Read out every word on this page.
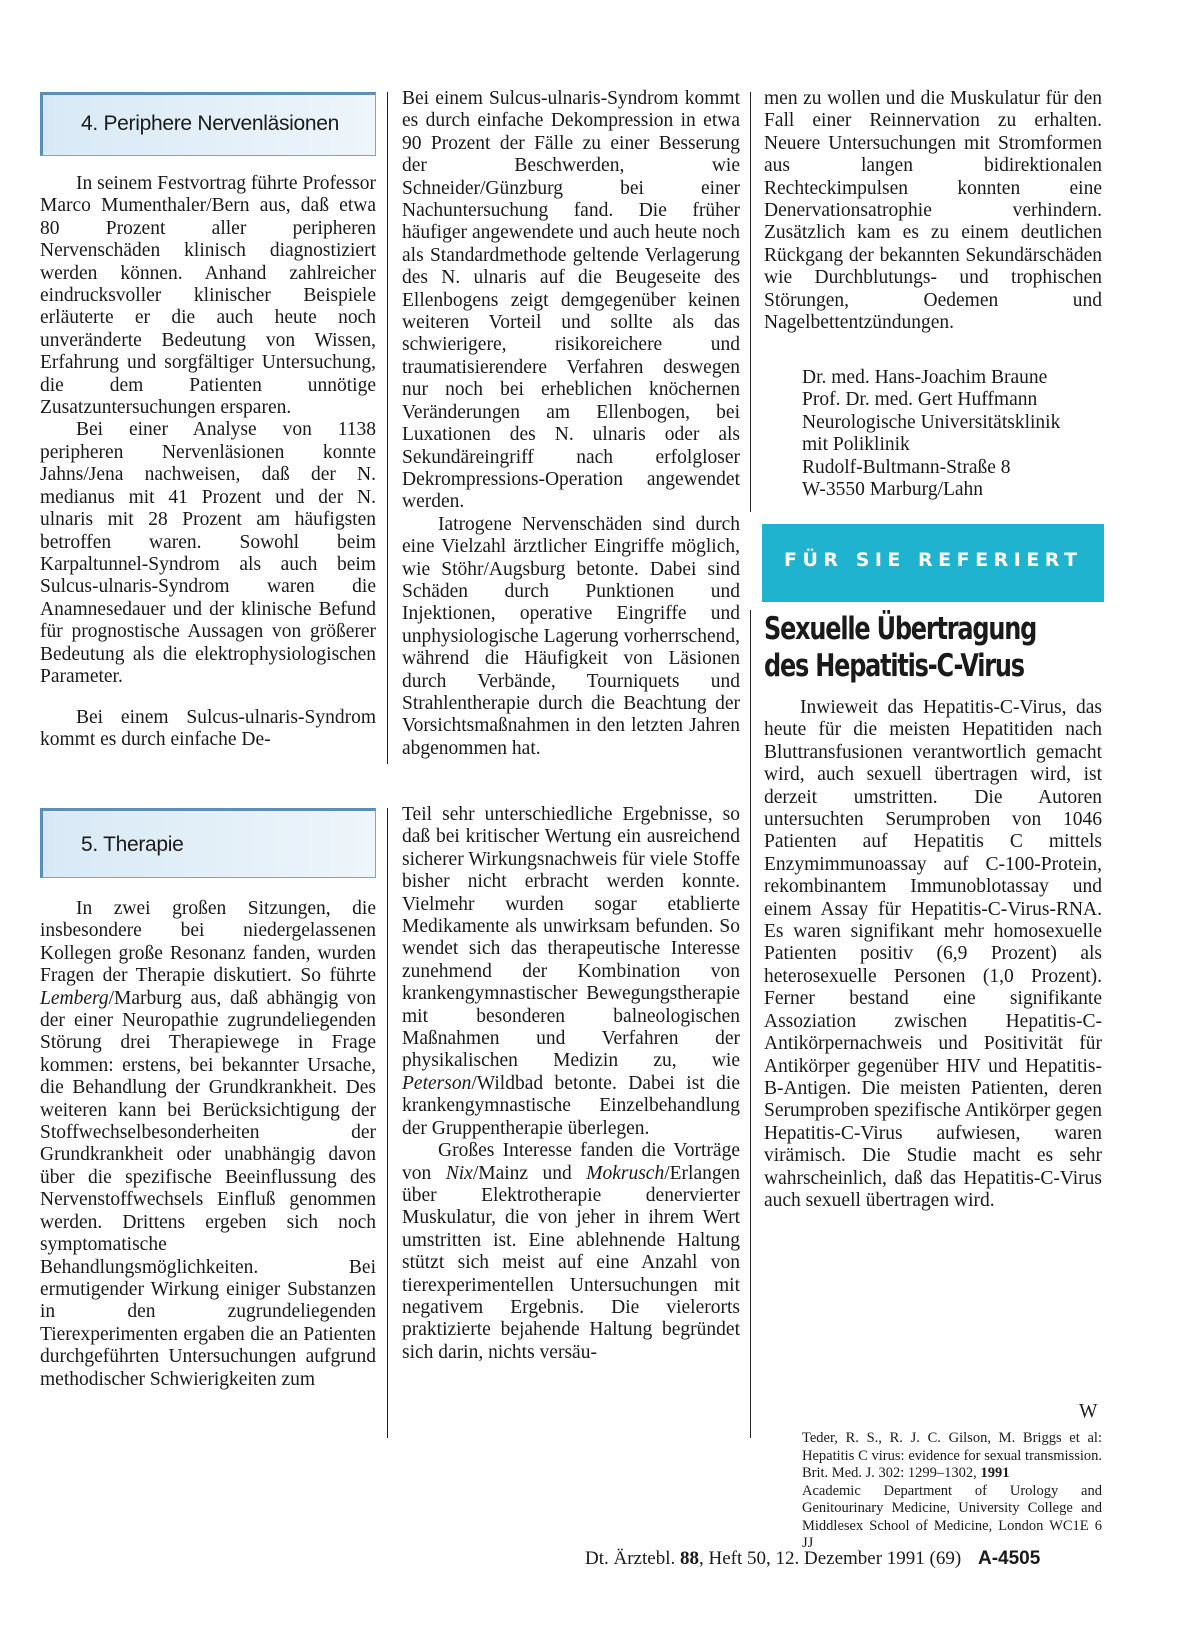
4. Periphere Nervenläsionen

In seinem Festvortrag führte Professor Marco Mumenthaler/Bern aus, daß etwa 80 Prozent aller peripheren Nervenschäden klinisch diagnostiziert werden können. Anhand zahlreicher eindrucksvoller klinischer Beispiele erläuterte er die auch heute noch unveränderte Bedeutung von Wissen, Erfahrung und sorgfältiger Untersuchung, die dem Patienten unnötige Zusatzuntersuchungen ersparen.

Bei einer Analyse von 1138 peripheren Nervenläsionen konnte Jahns/Jena nachweisen, daß der N. medianus mit 41 Prozent und der N. ulnaris mit 28 Prozent am häufigsten betroffen waren. Sowohl beim Karpaltunnel-Syndrom als auch beim Sulcus-ulnaris-Syndrom waren die Anamnesedauer und der klinische Befund für prognostische Aussagen von größerer Bedeutung als die elektrophysiologischen Parameter.

Bei einem Sulcus-ulnaris-Syndrom kommt es durch einfache De-

Bei einem Sulcus-ulnaris-Syndrom kommt es durch einfache Dekompression in etwa 90 Prozent der Fälle zu einer Besserung der Beschwerden, wie Schneider/Günzburg bei einer Nachuntersuchung fand. Die früher häufiger angewendete und auch heute noch als Standardmethode geltende Verlagerung des N. ulnaris auf die Beugeseite des Ellenbogens zeigt demgegenüber keinen weiteren Vorteil und sollte als das schwierigere, risikoreichere und traumatisierendere Verfahren deswegen nur noch bei erheblichen knöchernen Veränderungen am Ellenbogen, bei Luxationen des N. ulnaris oder als Sekundäreingriff nach erfolgloser Dekrompressions-Operation angewendet werden.

Iatrogene Nervenschäden sind durch eine Vielzahl ärztlicher Eingriffe möglich, wie Stöhr/Augsburg betonte. Dabei sind Schäden durch Punktionen und Injektionen, operative Eingriffe und unphysiologische Lagerung vorherrschend, während die Häufigkeit von Läsionen durch Verbände, Tourniquets und Strahlentherapie durch die Beachtung der Vorsichtsmaßnahmen in den letzten Jahren abgenommen hat.

men zu wollen und die Muskulatur für den Fall einer Reinnervation zu erhalten. Neuere Untersuchungen mit Stromformen aus langen bidirektionalen Rechteckimpulsen konnten eine Denervationsatrophie verhindern. Zusätzlich kam es zu einem deutlichen Rückgang der bekannten Sekundärschäden wie Durchblutungs- und trophischen Störungen, Oedemen und Nagelbettentzündungen.

Dr. med. Hans-Joachim Braune
Prof. Dr. med. Gert Huffmann
Neurologische Universitätsklinik
mit Poliklinik
Rudolf-Bultmann-Straße 8
W-3550 Marburg/Lahn
5. Therapie

In zwei großen Sitzungen, die insbesondere bei niedergelassenen Kollegen große Resonanz fanden, wurden Fragen der Therapie diskutiert. So führte Lemberg/Marburg aus, daß abhängig von der einer Neuropathie zugrundeliegenden Störung drei Therapiewege in Frage kommen: erstens, bei bekannter Ursache, die Behandlung der Grundkrankheit. Des weiteren kann bei Berücksichtigung der Stoffwechselbesonderheiten der Grundkrankheit oder unabhängig davon über die spezifische Beeinflussung des Nervenstoffwechsels Einfluß genommen werden. Drittens ergeben sich noch symptomatische Behandlungsmöglichkeiten. Bei ermutigender Wirkung einiger Substanzen in den zugrundeliegenden Tierexperimenten ergaben die an Patienten durchgeführten Untersuchungen aufgrund methodischer Schwierigkeiten zum

Teil sehr unterschiedliche Ergebnisse, so daß bei kritischer Wertung ein ausreichend sicherer Wirkungsnachweis für viele Stoffe bisher nicht erbracht werden konnte. Vielmehr wurden sogar etablierte Medikamente als unwirksam befunden. So wendet sich das therapeutische Interesse zunehmend der Kombination von krankengymnastischer Bewegungstherapie mit besonderen balneologischen Maßnahmen und Verfahren der physikalischen Medizin zu, wie Peterson/Wildbad betonte. Dabei ist die krankengymnastische Einzelbehandlung der Gruppentherapie überlegen.

Großes Interesse fanden die Vorträge von Nix/Mainz und Mokrusch/Erlangen über Elektrotherapie denervierter Muskulatur, die von jeher in ihrem Wert umstritten ist. Eine ablehnende Haltung stützt sich meist auf eine Anzahl von tierexperimentellen Untersuchungen mit negativem Ergebnis. Die vielerorts praktizierte bejahende Haltung begründet sich darin, nichts versäu-

FÜR SIE REFERIERT
Sexuelle Übertragung
des Hepatitis-C-Virus

Inwieweit das Hepatitis-C-Virus, das heute für die meisten Hepatitiden nach Bluttransfusionen verantwortlich gemacht wird, auch sexuell übertragen wird, ist derzeit umstritten. Die Autoren untersuchten Serumproben von 1046 Patienten auf Hepatitis C mittels Enzymimmunoassay auf C-100-Protein, rekombinantem Immunoblotassay und einem Assay für Hepatitis-C-Virus-RNA. Es waren signifikant mehr homosexuelle Patienten positiv (6,9 Prozent) als heterosexuelle Personen (1,0 Prozent). Ferner bestand eine signifikante Assoziation zwischen Hepatitis-C-Antikörpernachweis und Positivität für Antikörper gegenüber HIV und Hepatitis-B-Antigen. Die meisten Patienten, deren Serumproben spezifische Antikörper gegen Hepatitis-C-Virus aufwiesen, waren virämisch. Die Studie macht es sehr wahrscheinlich, daß das Hepatitis-C-Virus auch sexuell übertragen wird.

W
Teder, R. S., R. J. C. Gilson, M. Briggs et al: Hepatitis C virus: evidence for sexual transmission. Brit. Med. J. 302: 1299–1302, 1991
Academic Department of Urology and Genitourinary Medicine, University College and Middlesex School of Medicine, London WC1E 6 JJ
Dt. Ärztebl. 88, Heft 50, 12. Dezember 1991 (69) A-4505
